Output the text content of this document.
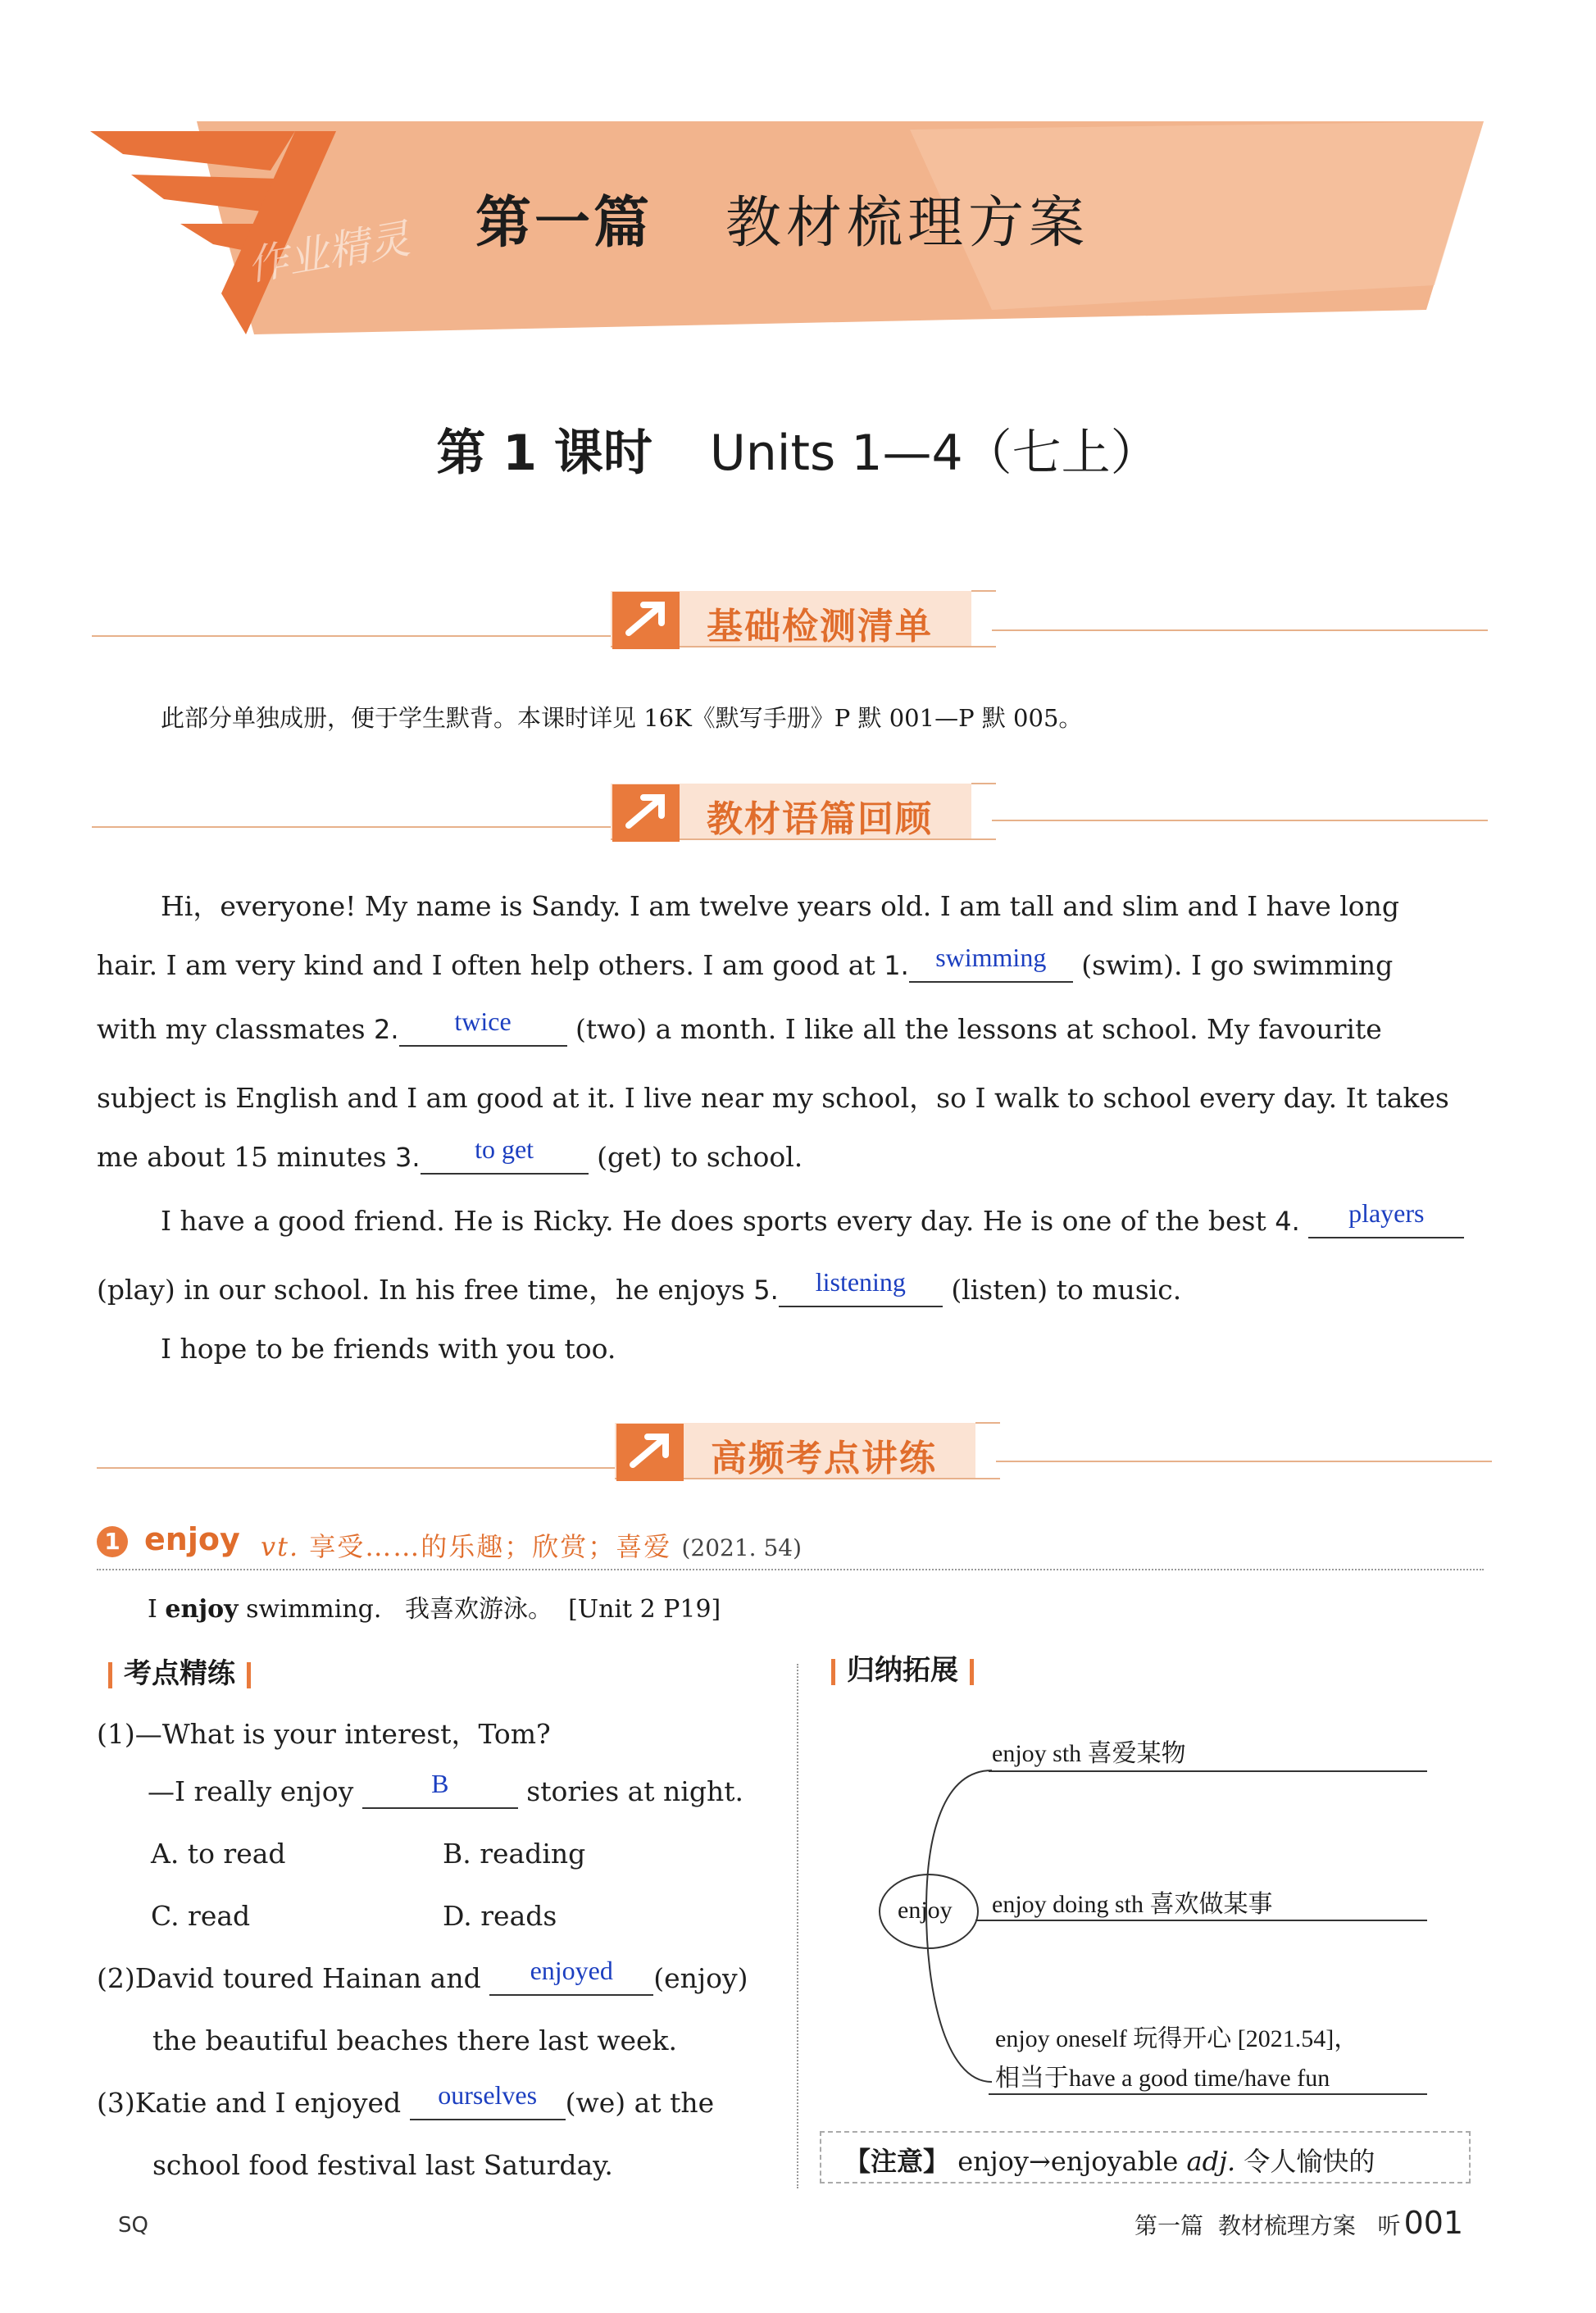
作业精灵 第一篇 教材梳理方案
第 1 课时 Units 1—4（七上）
基础检测清单
此部分单独成册，便于学生默背。本课时详见 16K《默写手册》P 默 001—P 默 005。
教材语篇回顾
Hi，everyone! My name is Sandy. I am twelve years old. I am tall and slim and I have long
hair. I am very kind and I often help others. I am good at 1. swimming (swim). I go swimming
with my classmates 2. twice (two) a month. I like all the lessons at school. My favourite
subject is English and I am good at it. I live near my school，so I walk to school every day. It takes
me about 15 minutes 3. to get (get) to school.
I have a good friend. He is Ricky. He does sports every day. He is one of the best 4. players
(play) in our school. In his free time，he enjoys 5. listening (listen) to music.
I hope to be friends with you too.
高频考点讲练
1 enjoy vt. 享受……的乐趣；欣赏；喜爱 (2021. 54)
I enjoy swimming. 我喜欢游泳。 [Unit 2 P19]
考点精练
(1)—What is your interest，Tom?
—I really enjoy	B	stories at night.
A. to read	B. reading
C. read	D. reads
(2)David toured Hainan and enjoyed (enjoy)
the beautiful beaches there last week.
(3)Katie and I enjoyed ourselves (we) at the
school food festival last Saturday.
归纳拓展
enjoy
enjoy sth 喜爱某物
enjoy doing sth 喜欢做某事
enjoy oneself 玩得开心 [2021.54]，
相当于have a good time/have fun
【注意】 enjoy→enjoyable adj. 令人愉快的
SQ	第一篇 教材梳理方案 听 001
